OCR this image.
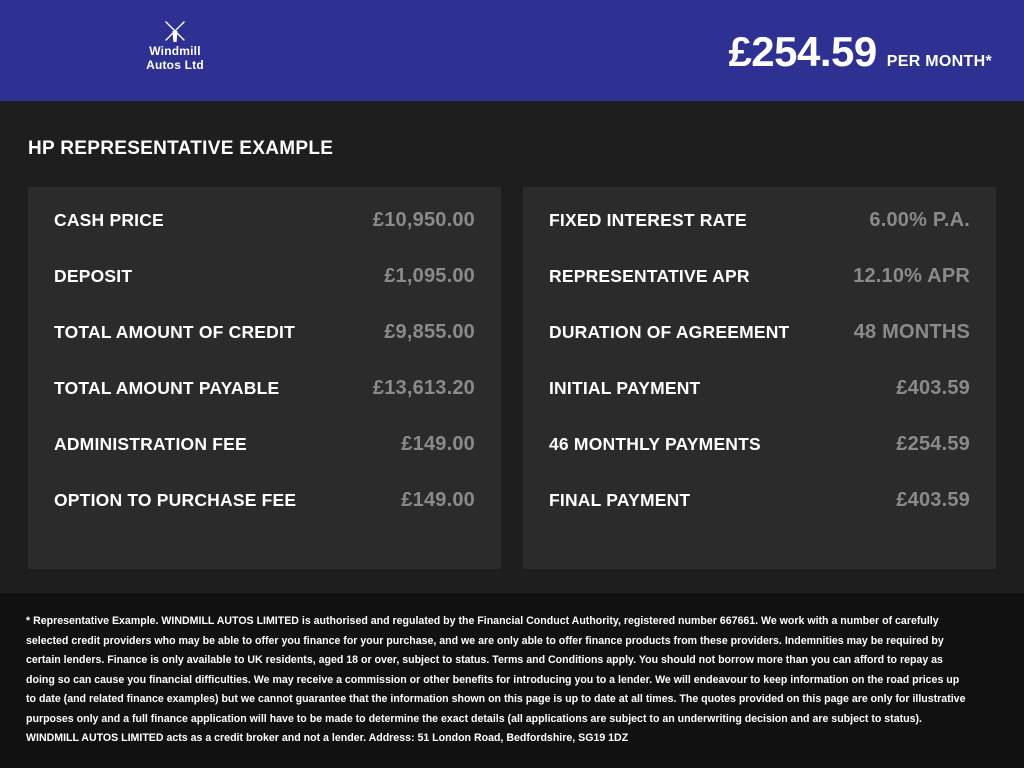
Windmill
Autos Ltd	£254.59 PER MONTH*
HP REPRESENTATIVE EXAMPLE
CASH PRICE	£10,950.00
DEPOSIT	£1,095.00
TOTAL AMOUNT OF CREDIT	£9,855.00
TOTAL AMOUNT PAYABLE	£13,613.20
ADMINISTRATION FEE	£149.00
OPTION TO PURCHASE FEE	£149.00
FIXED INTEREST RATE	6.00% P.A.
REPRESENTATIVE APR	12.10% APR
DURATION OF AGREEMENT	48 MONTHS
INITIAL PAYMENT	£403.59
46 MONTHLY PAYMENTS	£254.59
FINAL PAYMENT	£403.59

* Representative Example. WINDMILL AUTOS LIMITED is authorised and regulated by the Financial Conduct Authority, registered number 667661. We work with a number of carefully selected credit providers who may be able to offer you finance for your purchase, and we are only able to offer finance products from these providers. Indemnities may be required by certain lenders. Finance is only available to UK residents, aged 18 or over, subject to status. Terms and Conditions apply. You should not borrow more than you can afford to repay as doing so can cause you financial difficulties. We may receive a commission or other benefits for introducing you to a lender. We will endeavour to keep information on the road prices up to date (and related finance examples) but we cannot guarantee that the information shown on this page is up to date at all times. The quotes provided on this page are only for illustrative purposes only and a full finance application will have to be made to determine the exact details (all applications are subject to an underwriting decision and are subject to status). WINDMILL AUTOS LIMITED acts as a credit broker and not a lender. Address: 51 London Road, Bedfordshire, SG19 1DZ
